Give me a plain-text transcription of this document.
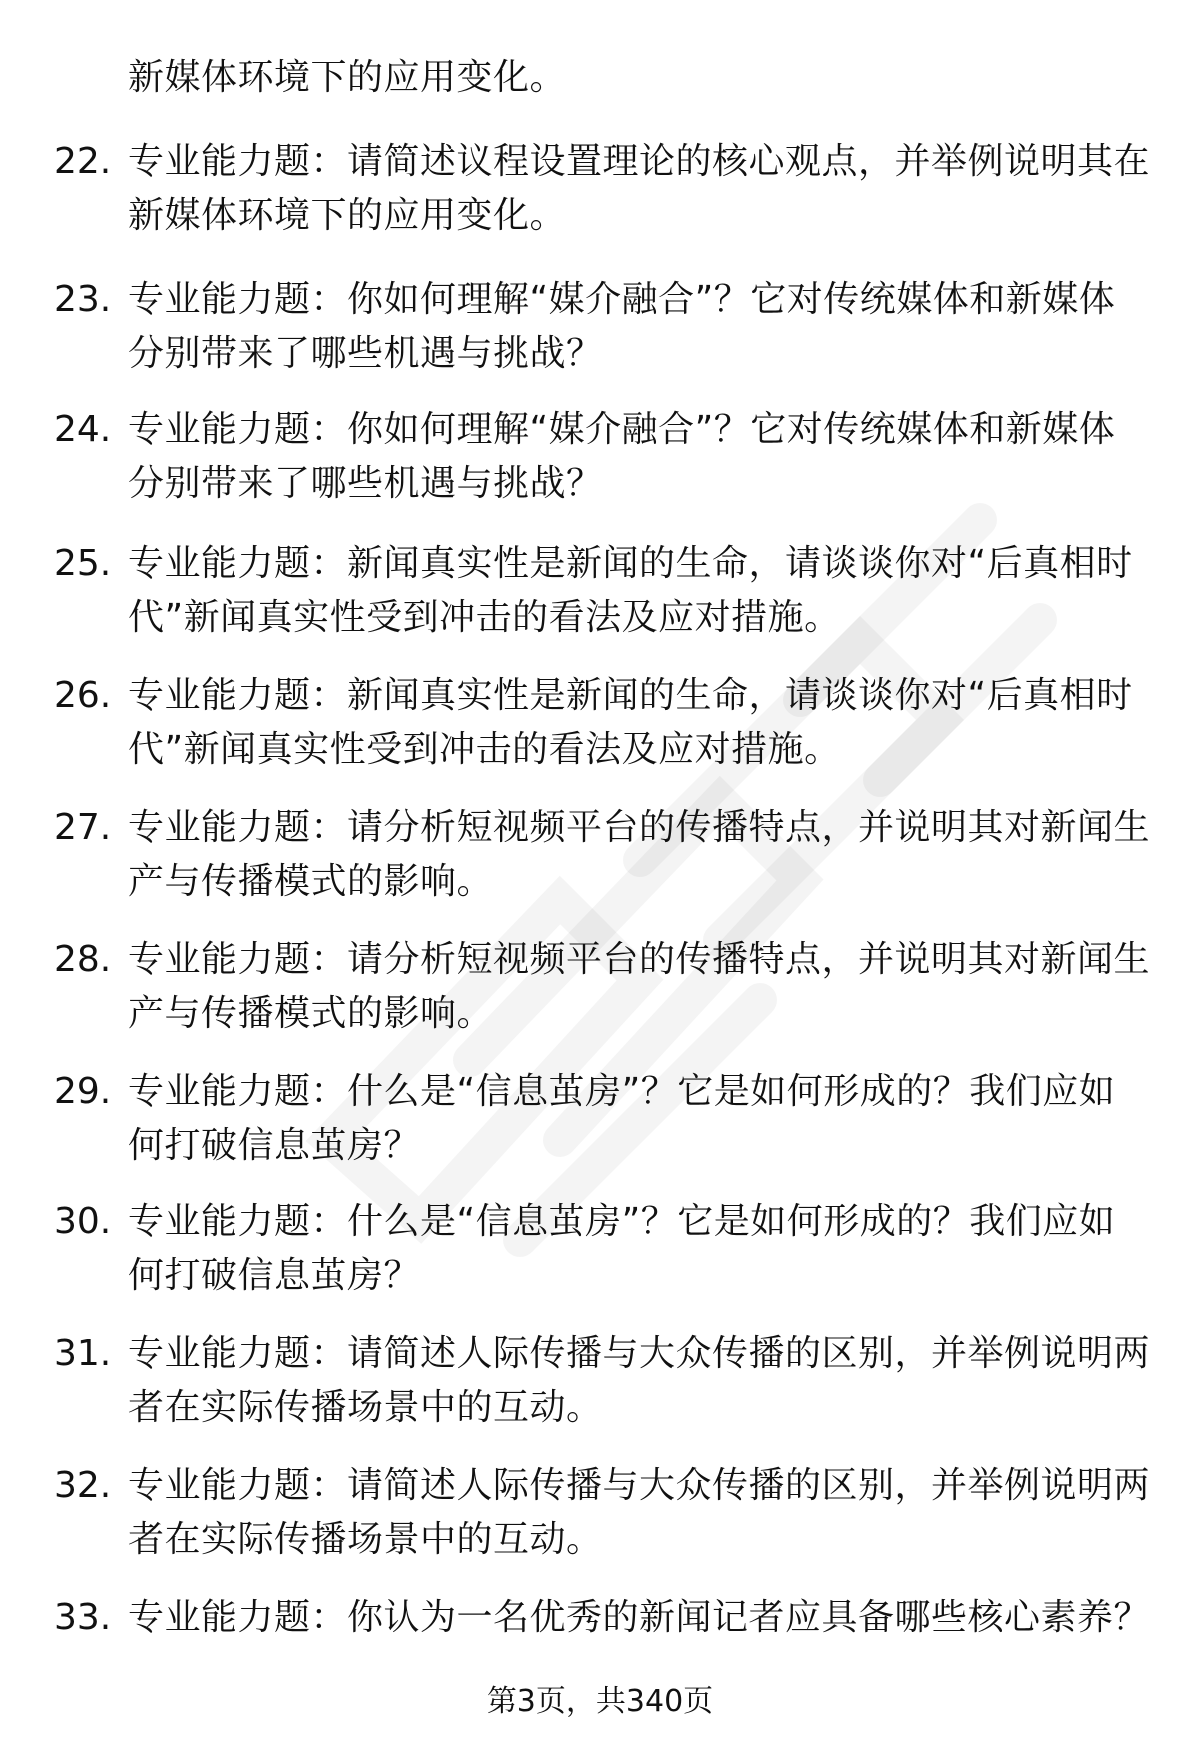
新媒体环境下的应用变化。
22. 专业能力题：请简述议程设置理论的核心观点，并举例说明其在
新媒体环境下的应用变化。
23. 专业能力题：你如何理解“媒介融合”？它对传统媒体和新媒体
分别带来了哪些机遇与挑战？
24. 专业能力题：你如何理解“媒介融合”？它对传统媒体和新媒体
分别带来了哪些机遇与挑战？
25. 专业能力题：新闻真实性是新闻的生命，请谈谈你对“后真相时
代”新闻真实性受到冲击的看法及应对措施。
26. 专业能力题：新闻真实性是新闻的生命，请谈谈你对“后真相时
代”新闻真实性受到冲击的看法及应对措施。
27. 专业能力题：请分析短视频平台的传播特点，并说明其对新闻生
产与传播模式的影响。
28. 专业能力题：请分析短视频平台的传播特点，并说明其对新闻生
产与传播模式的影响。
29. 专业能力题：什么是“信息茧房”？它是如何形成的？我们应如
何打破信息茧房？
30. 专业能力题：什么是“信息茧房”？它是如何形成的？我们应如
何打破信息茧房？
31. 专业能力题：请简述人际传播与大众传播的区别，并举例说明两
者在实际传播场景中的互动。
32. 专业能力题：请简述人际传播与大众传播的区别，并举例说明两
者在实际传播场景中的互动。
33. 专业能力题：你认为一名优秀的新闻记者应具备哪些核心素养？
第3页，共340页
